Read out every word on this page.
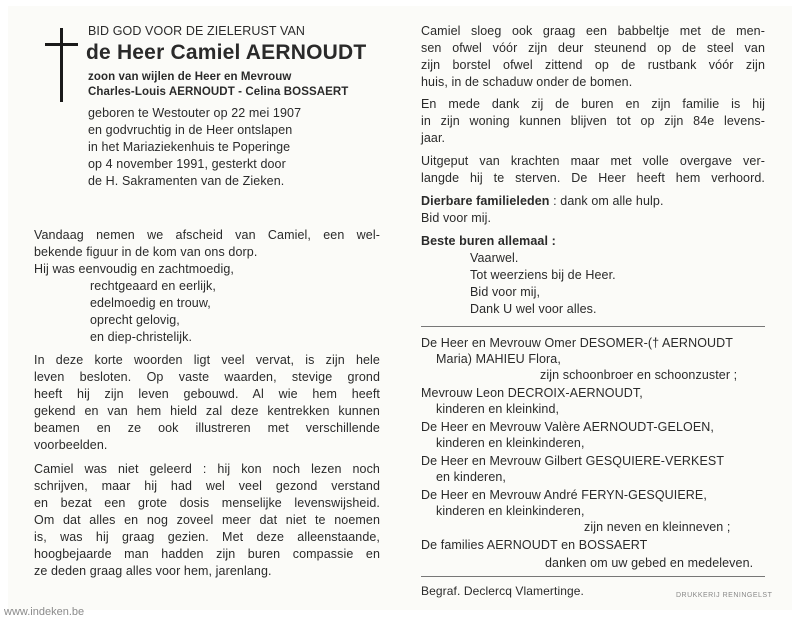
BID GOD VOOR DE ZIELERUST VAN
de Heer Camiel AERNOUDT
zoon van wijlen de Heer en Mevrouw
Charles-Louis AERNOUDT - Celina BOSSAERT
geboren te Westouter op 22 mei 1907
en godvruchtig in de Heer ontslapen
in het Mariaziekenhuis te Poperinge
op 4 november 1991, gesterkt door
de H. Sakramenten van de Zieken.
Vandaag nemen we afscheid van Camiel, een wel-
bekende figuur in de kom van ons dorp.
Hij was eenvoudig en zachtmoedig,
rechtgeaard en eerlijk,
edelmoedig en trouw,
oprecht gelovig,
en diep-christelijk.
In deze korte woorden ligt veel vervat, is zijn hele
leven besloten. Op vaste waarden, stevige grond
heeft hij zijn leven gebouwd. Al wie hem heeft
gekend en van hem hield zal deze kentrekken kunnen
beamen en ze ook illustreren met verschillende
voorbeelden.
Camiel was niet geleerd : hij kon noch lezen noch
schrijven, maar hij had wel veel gezond verstand
en bezat een grote dosis menselijke levenswijsheid.
Om dat alles en nog zoveel meer dat niet te noemen
is, was hij graag gezien. Met deze alleenstaande,
hoogbejaarde man hadden zijn buren compassie en
ze deden graag alles voor hem, jarenlang.
Camiel sloeg ook graag een babbeltje met de men-
sen ofwel vóór zijn deur steunend op de steel van
zijn borstel ofwel zittend op de rustbank vóór zijn
huis, in de schaduw onder de bomen.
En mede dank zij de buren en zijn familie is hij
in zijn woning kunnen blijven tot op zijn 84e levens-
jaar.
Uitgeput van krachten maar met volle overgave ver-
langde hij te sterven. De Heer heeft hem verhoord.
Dierbare familieleden : dank om alle hulp.
Bid voor mij.
Beste buren allemaal :
Vaarwel.
Tot weerziens bij de Heer.
Bid voor mij,
Dank U wel voor alles.
De Heer en Mevrouw Omer DESOMER-(† AERNOUDT
Maria) MAHIEU Flora,
zijn schoonbroer en schoonzuster ;
Mevrouw Leon DECROIX-AERNOUDT,
kinderen en kleinkind,
De Heer en Mevrouw Valère AERNOUDT-GELOEN,
kinderen en kleinkinderen,
De Heer en Mevrouw Gilbert GESQUIERE-VERKEST
en kinderen,
De Heer en Mevrouw André FERYN-GESQUIERE,
kinderen en kleinkinderen,
zijn neven en kleinneven ;
De families AERNOUDT en BOSSAERT
danken om uw gebed en medeleven.
Begraf. Declercq Vlamertinge.	DRUKKERIJ RENINGELST
www.indeken.be
